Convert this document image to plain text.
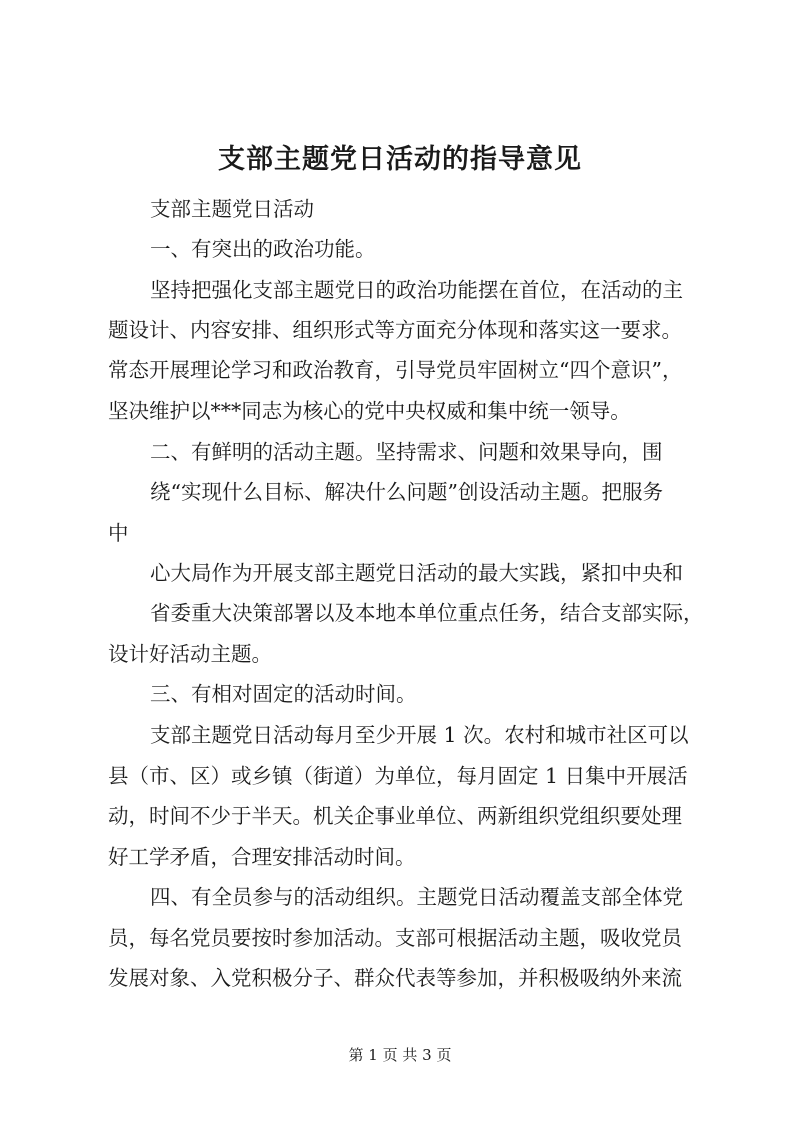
支部主题党日活动的指导意见
支部主题党日活动
一、有突出的政治功能。
坚持把强化支部主题党日的政治功能摆在首位，在活动的主
题设计、内容安排、组织形式等方面充分体现和落实这一要求。
常态开展理论学习和政治教育，引导党员牢固树立“四个意识”，
坚决维护以***同志为核心的党中央权威和集中统一领导。
二、有鲜明的活动主题。坚持需求、问题和效果导向，围
绕“实现什么目标、解决什么问题”创设活动主题。把服务
中
心大局作为开展支部主题党日活动的最大实践，紧扣中央和
省委重大决策部署以及本地本单位重点任务，结合支部实际，
设计好活动主题。
三、有相对固定的活动时间。
支部主题党日活动每月至少开展 1 次。农村和城市社区可以
县（市、区）或乡镇（街道）为单位，每月固定 1 日集中开展活
动，时间不少于半天。机关企事业单位、两新组织党组织要处理
好工学矛盾，合理安排活动时间。
四、有全员参与的活动组织。主题党日活动覆盖支部全体党
员，每名党员要按时参加活动。支部可根据活动主题，吸收党员
发展对象、入党积极分子、群众代表等参加，并积极吸纳外来流
第 1 页 共 3 页
